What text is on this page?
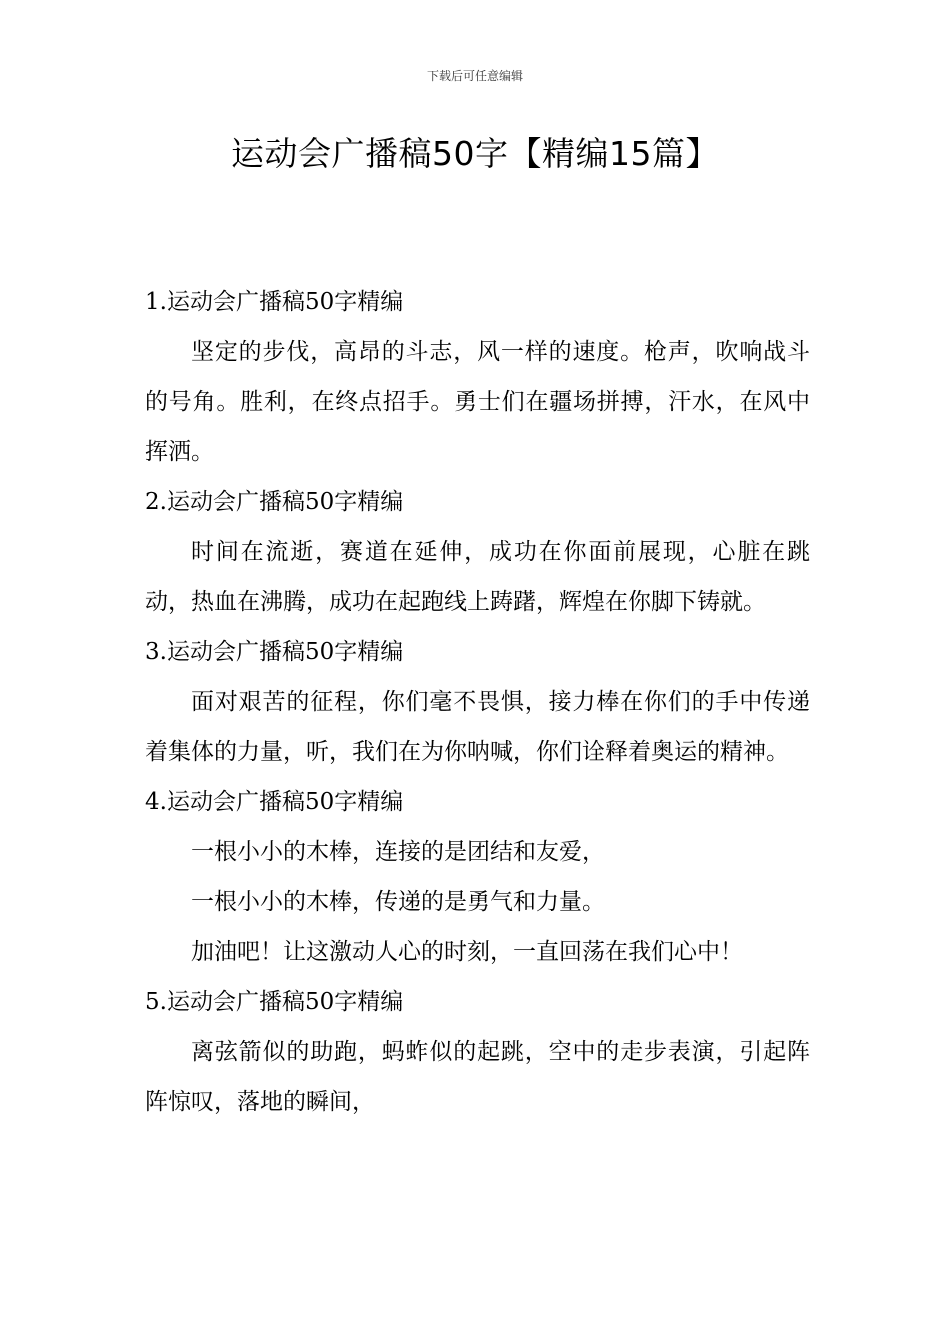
下载后可任意编辑
运动会广播稿50字【精编15篇】
1.运动会广播稿50字精编

坚定的步伐，高昂的斗志，风一样的速度。枪声，吹响战斗的号角。胜利，在终点招手。勇士们在疆场拼搏，汗水，在风中挥洒。

2.运动会广播稿50字精编

时间在流逝，赛道在延伸，成功在你面前展现，心脏在跳动，热血在沸腾，成功在起跑线上踌躇，辉煌在你脚下铸就。

3.运动会广播稿50字精编

面对艰苦的征程，你们毫不畏惧，接力棒在你们的手中传递着集体的力量，听，我们在为你呐喊，你们诠释着奥运的精神。

4.运动会广播稿50字精编

一根小小的木棒，连接的是团结和友爱，

一根小小的木棒，传递的是勇气和力量。

加油吧！让这激动人心的时刻，一直回荡在我们心中！

5.运动会广播稿50字精编

离弦箭似的助跑，蚂蚱似的起跳，空中的走步表演，引起阵阵惊叹，落地的瞬间，
